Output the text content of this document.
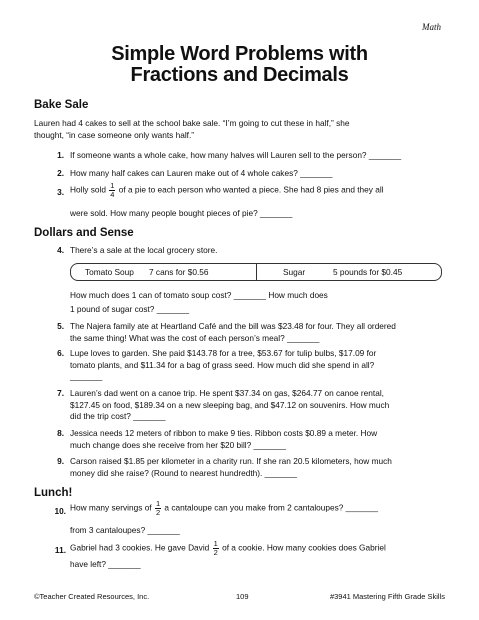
Math
Simple Word Problems with
Fractions and Decimals
Bake Sale
Lauren had 4 cakes to sell at the school bake sale. “I’m going to cut these in half,” she
thought, “in case someone only wants half.”
1. If someone wants a whole cake, how many halves will Lauren sell to the person? _______
2. How many half cakes can Lauren make out of 4 whole cakes? _______
3. Holly sold $\frac{1}{4}$ of a pie to each person who wanted a piece. She had 8 pies and they all
were sold. How many people bought pieces of pie? _______
Dollars and Sense
4. There’s a sale at the local grocery store.
Tomato Soup 7 cans for $0.56	Sugar	5 pounds for $0.45
How much does 1 can of tomato soup cost? _______ How much does
1 pound of sugar cost? _______
5. The Najera family ate at Heartland Café and the bill was $23.48 for four. They all ordered
the same thing! What was the cost of each person’s meal? _______
6. Lupe loves to garden. She paid $143.78 for a tree, $53.67 for tulip bulbs, $17.09 for
tomato plants, and $11.34 for a bag of grass seed. How much did she spend in all?
_______
7. Lauren’s dad went on a canoe trip. He spent $37.34 on gas, $264.77 on canoe rental,
$127.45 on food, $189.34 on a new sleeping bag, and $47.12 on souvenirs. How much
did the trip cost? _______
8. Jessica needs 12 meters of ribbon to make 9 ties. Ribbon costs $0.89 a meter. How
much change does she receive from her $20 bill? _______
9. Carson raised $1.85 per kilometer in a charity run. If she ran 20.5 kilometers, how much
money did she raise? (Round to nearest hundredth). _______
Lunch!
10. How many servings of $\frac{1}{2}$ a cantaloupe can you make from 2 cantaloupes? _______
from 3 cantaloupes? _______
11. Gabriel had 3 cookies. He gave David $\frac{1}{2}$ of a cookie. How many cookies does Gabriel
have left? _______
©Teacher Created Resources, Inc.	109	#3941 Mastering Fifth Grade Skills
